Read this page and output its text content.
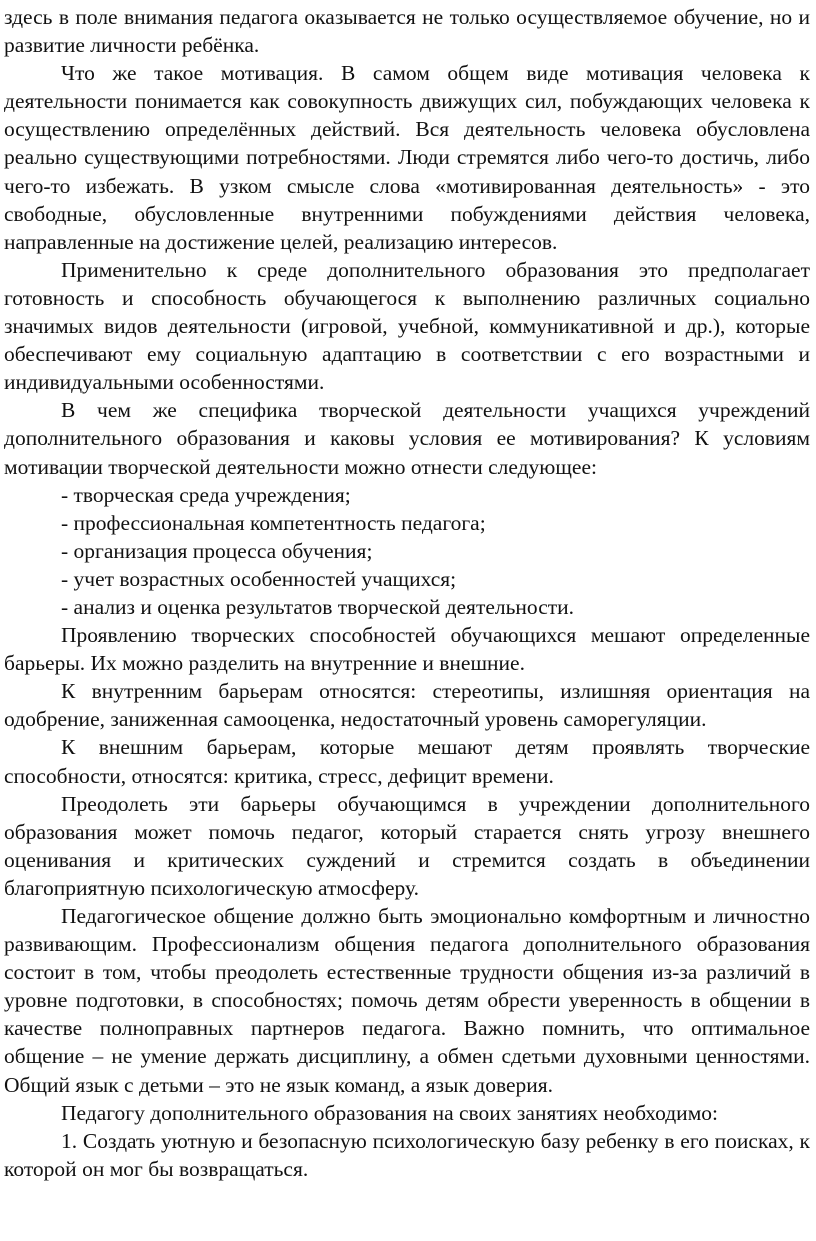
здесь в поле внимания педагога оказывается не только осуществляемое обучение, но и развитие личности ребёнка.

Что же такое мотивация. В самом общем виде мотивация человека к деятельности понимается как совокупность движущих сил, побуждающих человека к осуществлению определённых действий. Вся деятельность человека обусловлена реально существующими потребностями. Люди стремятся либо чего-то достичь, либо чего-то избежать. В узком смысле слова «мотивированная деятельность» - это свободные, обусловленные внутренними побуждениями действия человека, направленные на достижение целей, реализацию интересов.

Применительно к среде дополнительного образования это предполагает готовность и способность обучающегося к выполнению различных социально значимых видов деятельности (игровой, учебной, коммуникативной и др.), которые обеспечивают ему социальную адаптацию в соответствии с его возрастными и индивидуальными особенностями.

В чем же специфика творческой деятельности учащихся учреждений дополнительного образования и каковы условия ее мотивирования? К условиям мотивации творческой деятельности можно отнести следующее:

- творческая среда учреждения;

- профессиональная компетентность педагога;

- организация процесса обучения;

- учет возрастных особенностей учащихся;

- анализ и оценка результатов творческой деятельности.

Проявлению творческих способностей обучающихся мешают определенные барьеры. Их можно разделить на внутренние и внешние.

К внутренним барьерам относятся: стереотипы, излишняя ориентация на одобрение, заниженная самооценка, недостаточный уровень саморегуляции.

К внешним барьерам, которые мешают детям проявлять творческие способности, относятся: критика, стресс, дефицит времени.

Преодолеть эти барьеры обучающимся в учреждении дополнительного образования может помочь педагог, который старается снять угрозу внешнего оценивания и критических суждений и стремится создать в объединении благоприятную психологическую атмосферу.

Педагогическое общение должно быть эмоционально комфортным и личностно развивающим. Профессионализм общения педагога дополнительного образования состоит в том, чтобы преодолеть естественные трудности общения из-за различий в уровне подготовки, в способностях; помочь детям обрести уверенность в общении в качестве полноправных партнеров педагога. Важно помнить, что оптимальное общение – не умение держать дисциплину, а обмен сдетьми духовными ценностями. Общий язык с детьми – это не язык команд, а язык доверия.

Педагогу дополнительного образования на своих занятиях необходимо:

1. Создать уютную и безопасную психологическую базу ребенку в его поисках, к которой он мог бы возвращаться.
